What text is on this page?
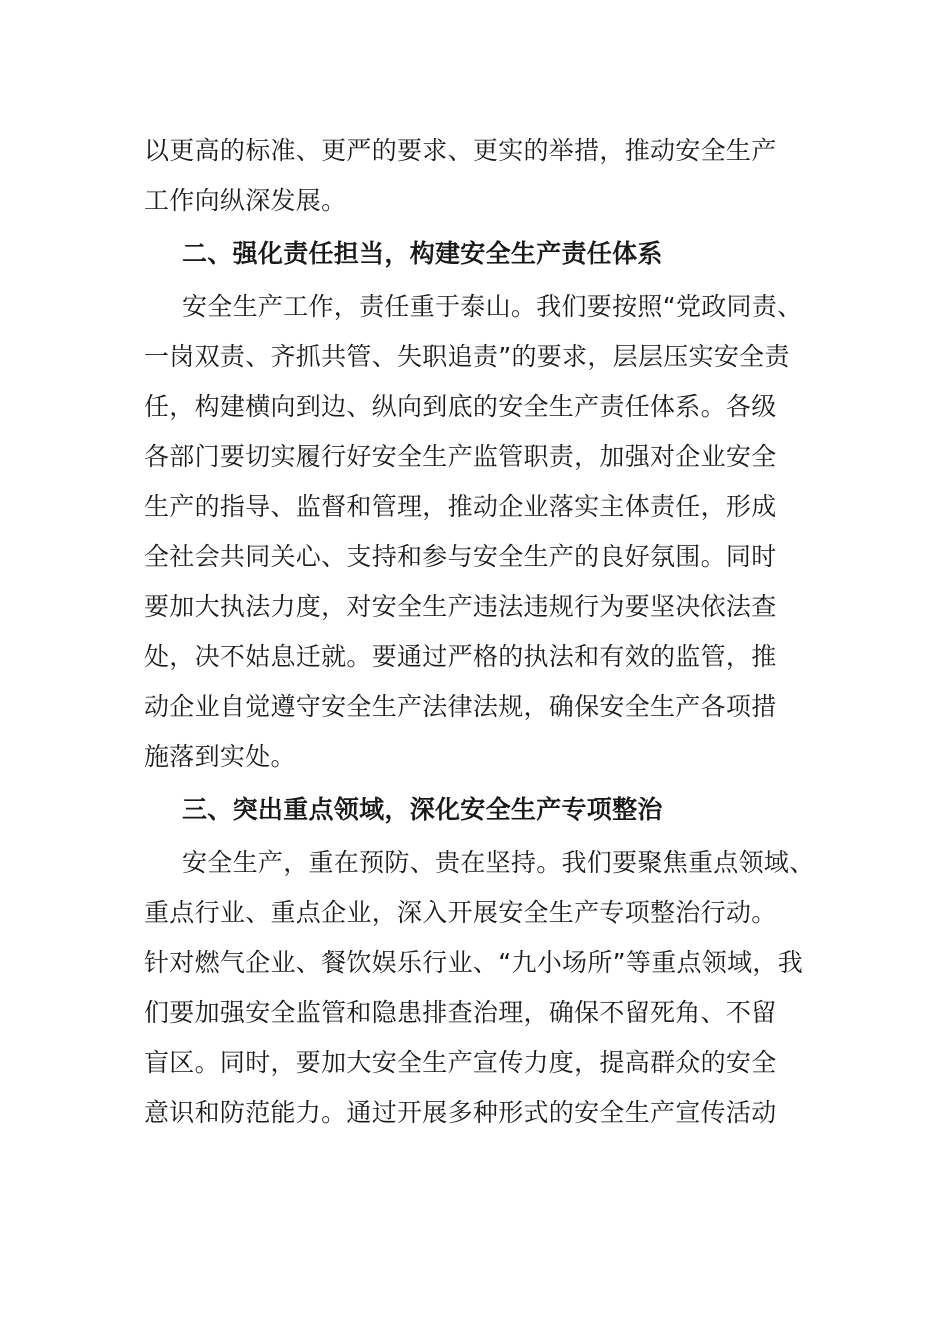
以更高的标准、更严的要求、更实的举措，推动安全生产
工作向纵深发展。
二、强化责任担当，构建安全生产责任体系
安全生产工作，责任重于泰山。我们要按照“党政同责、
一岗双责、齐抓共管、失职追责”的要求，层层压实安全责
任，构建横向到边、纵向到底的安全生产责任体系。各级
各部门要切实履行好安全生产监管职责，加强对企业安全
生产的指导、监督和管理，推动企业落实主体责任，形成
全社会共同关心、支持和参与安全生产的良好氛围。同时
要加大执法力度，对安全生产违法违规行为要坚决依法查
处，决不姑息迁就。要通过严格的执法和有效的监管，推
动企业自觉遵守安全生产法律法规，确保安全生产各项措
施落到实处。
三、突出重点领域，深化安全生产专项整治
安全生产，重在预防、贵在坚持。我们要聚焦重点领域、
重点行业、重点企业，深入开展安全生产专项整治行动。
针对燃气企业、餐饮娱乐行业、“九小场所”等重点领域，我
们要加强安全监管和隐患排查治理，确保不留死角、不留
盲区。同时，要加大安全生产宣传力度，提高群众的安全
意识和防范能力。通过开展多种形式的安全生产宣传活动
